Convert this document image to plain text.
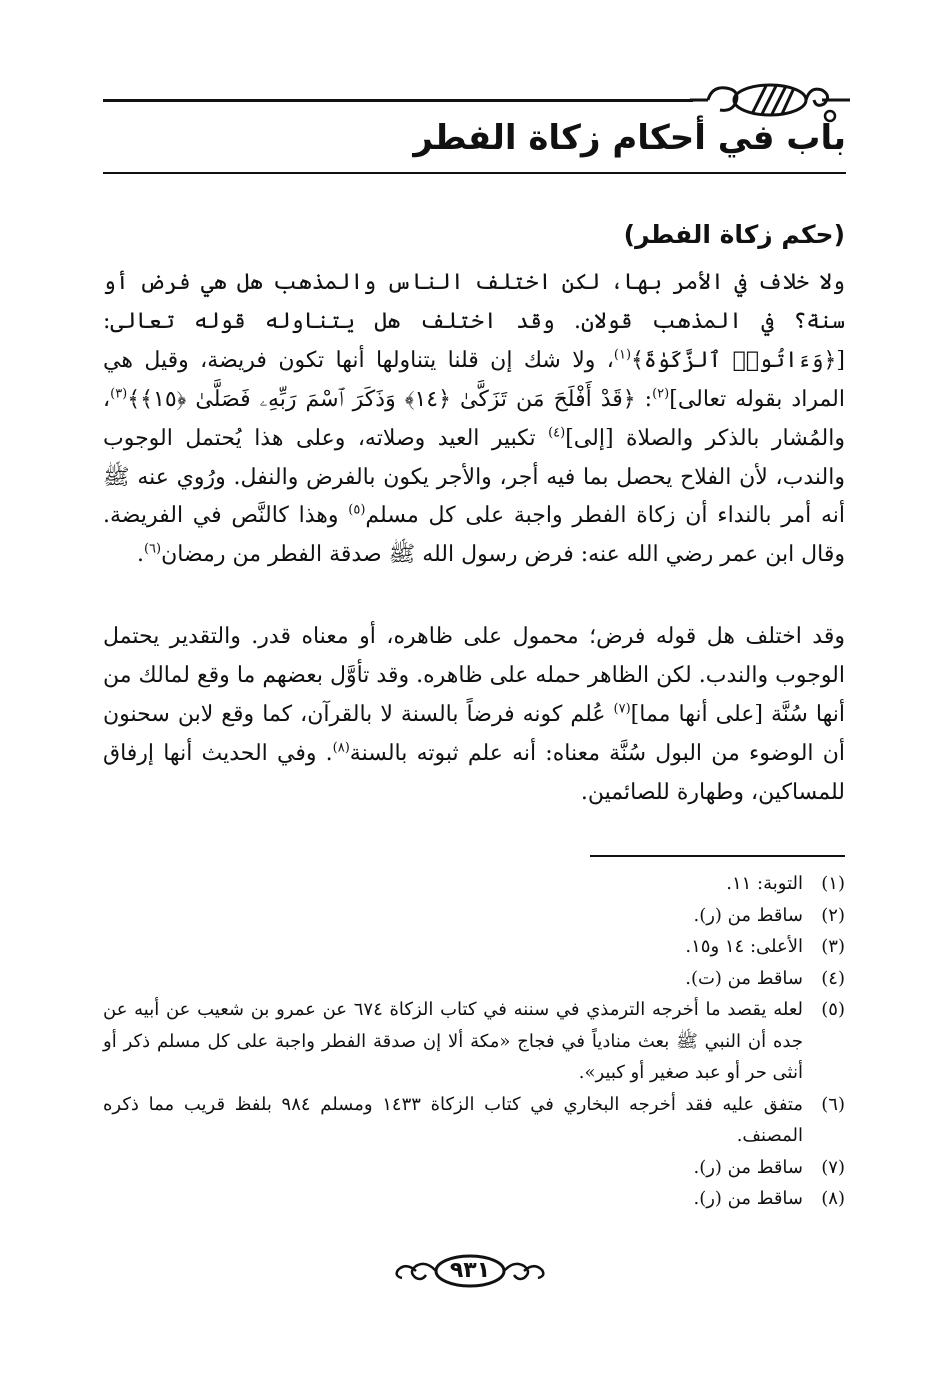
باب في أحكام زكاة الفطر
(حكم زكاة الفطر)

ولا خلاف في الأمر بها، لكن اختلف الناس والمذهب هل هي فرض أو سنة؟ في المذهب قولان. وقد اختلف هل يتناوله قوله تعالى: [﴿وَءَاتُوا۟ ٱلزَّكَوٰةَ﴾$^{(١)}$، ولا شك إن قلنا يتناولها أنها تكون فريضة، وقيل هي المراد بقوله تعالى]$^{(٢)}$: ﴿قَدْ أَفْلَحَ مَن تَزَكَّىٰ ﴿١٤﴾ وَذَكَرَ ٱسْمَ رَبِّهِۦ فَصَلَّىٰ ﴿١٥﴾﴾$^{(٣)}$، والمُشار بالذكر والصلاة [إلى]$^{(٤)}$ تكبير العيد وصلاته، وعلى هذا يُحتمل الوجوب والندب، لأن الفلاح يحصل بما فيه أجر، والأجر يكون بالفرض والنفل. ورُوي عنه ﷺ أنه أمر بالنداء أن زكاة الفطر واجبة على كل مسلم$^{(٥)}$ وهذا كالنَّص في الفريضة. وقال ابن عمر رضي الله عنه: فرض رسول الله ﷺ صدقة الفطر من رمضان$^{(٦)}$.

وقد اختلف هل قوله فرض؛ محمول على ظاهره، أو معناه قدر. والتقدير يحتمل الوجوب والندب. لكن الظاهر حمله على ظاهره. وقد تأوَّل بعضهم ما وقع لمالك من أنها سُنَّة [على أنها مما]$^{(٧)}$ عُلم كونه فرضاً بالسنة لا بالقرآن، كما وقع لابن سحنون أن الوضوء من البول سُنَّة معناه: أنه علم ثبوته بالسنة$^{(٨)}$. وفي الحديث أنها إرفاق للمساكين، وطهارة للصائمين.

(١)
التوبة: ١١.
(٢)
ساقط من (ر).
(٣)
الأعلى: ١٤ و١٥.
(٤)
ساقط من (ت).
(٥)
لعله يقصد ما أخرجه الترمذي في سننه في كتاب الزكاة ٦٧٤ عن عمرو بن شعيب عن أبيه عن جده أن النبي ﷺ بعث منادياً في فجاج «مكة ألا إن صدقة الفطر واجبة على كل مسلم ذكر أو أنثى حر أو عبد صغير أو كبير».
(٦)
متفق عليه فقد أخرجه البخاري في كتاب الزكاة ١٤٣٣ ومسلم ٩٨٤ بلفظ قريب مما ذكره المصنف.
(٧)
ساقط من (ر).
(٨)
ساقط من (ر).
٩٣١
